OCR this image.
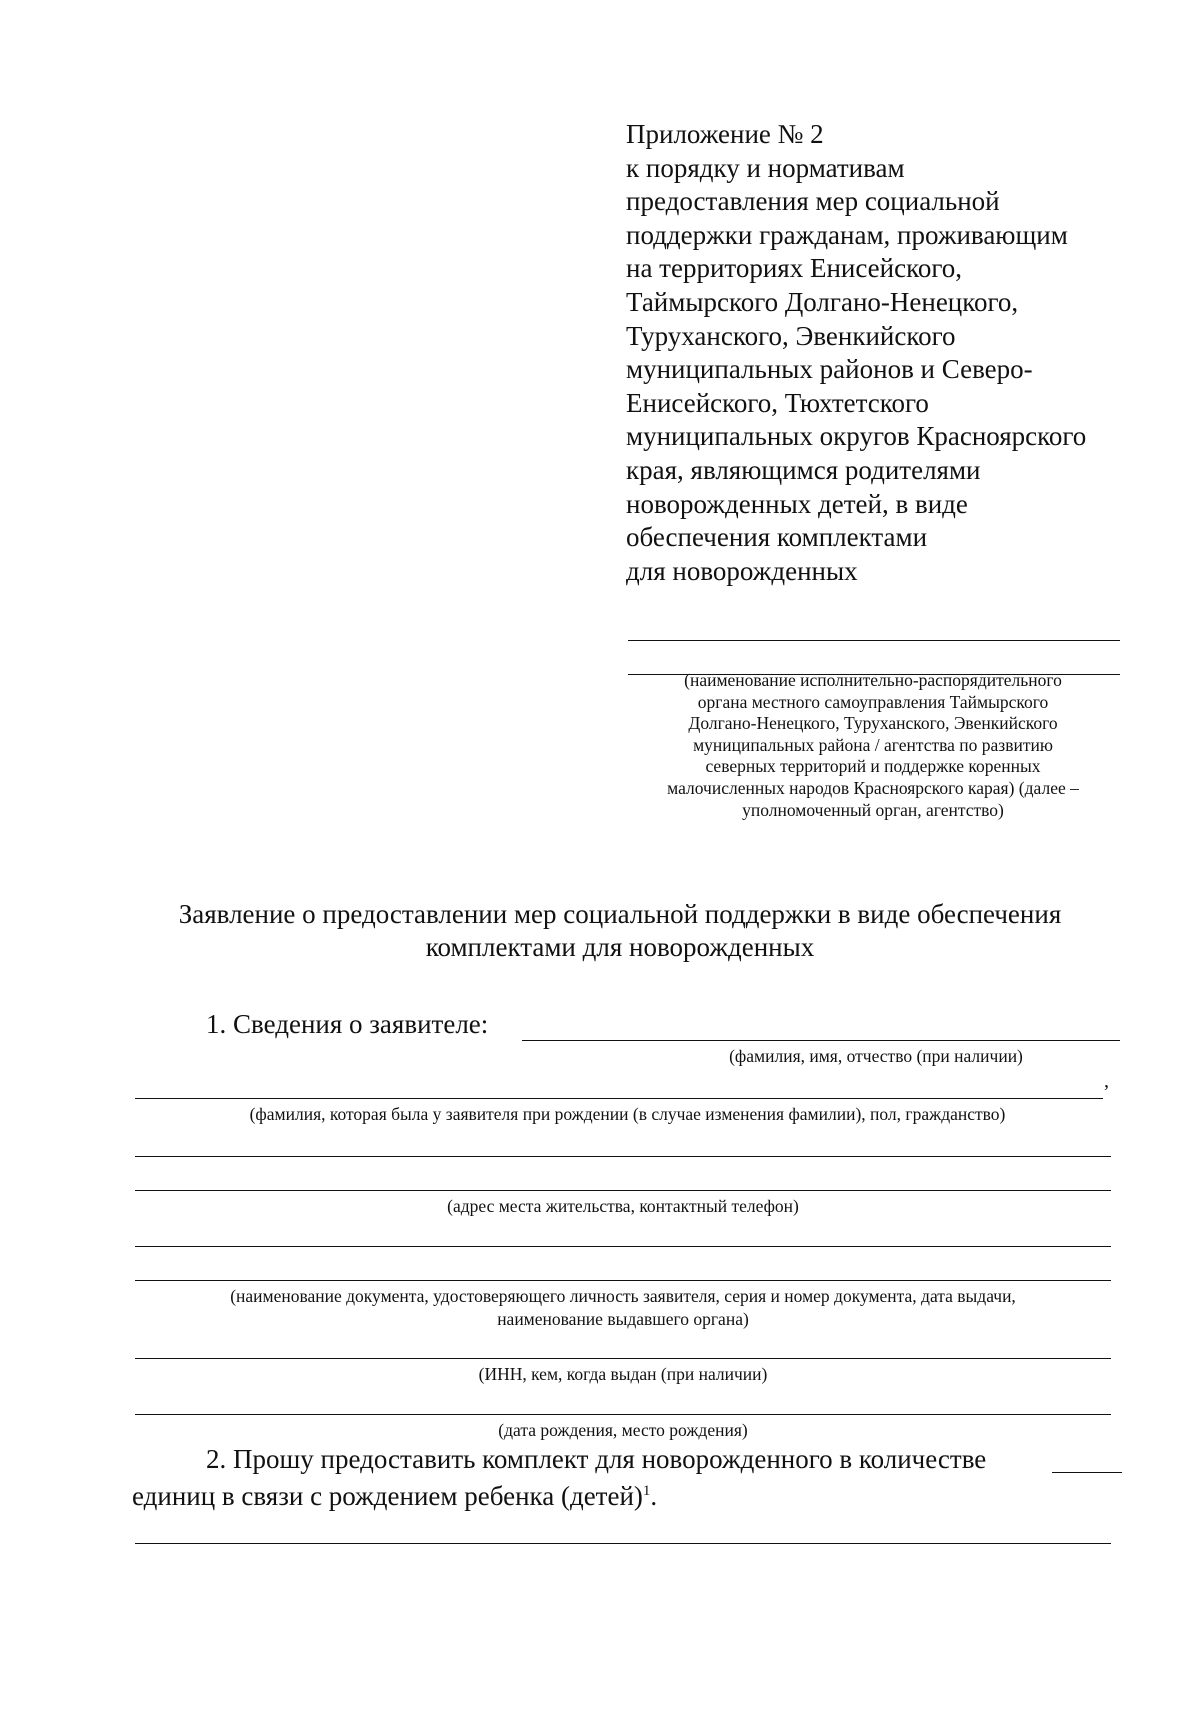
Приложение № 2
к порядку и нормативам
предоставления мер социальной
поддержки гражданам, проживающим
на территориях Енисейского,
Таймырского Долгано-Ненецкого,
Туруханского, Эвенкийского
муниципальных районов и Северо-
Енисейского, Тюхтетского
муниципальных округов Красноярского
края, являющимся родителями
новорожденных детей, в виде
обеспечения комплектами
для новорожденных
(наименование исполнительно-распорядительного
органа местного самоуправления Таймырского
Долгано-Ненецкого, Туруханского, Эвенкийского
муниципальных района / агентства по развитию
северных территорий и поддержке коренных
малочисленных народов Красноярского карая) (далее –
уполномоченный орган, агентство)
Заявление о предоставлении мер социальной поддержки в виде обеспечения
комплектами для новорожденных
1. Сведения о заявителе:
(фамилия, имя, отчество (при наличии)
,
(фамилия, которая была у заявителя при рождении (в случае изменения фамилии), пол, гражданство)
(адрес места жительства, контактный телефон)
(наименование документа, удостоверяющего личность заявителя, серия и номер документа, дата выдачи,
наименование выдавшего органа)
(ИНН, кем, когда выдан (при наличии)
(дата рождения, место рождения)
2. Прошу предоставить комплект для новорожденного в количестве
единиц в связи с рождением ребенка (детей)$^1$.
